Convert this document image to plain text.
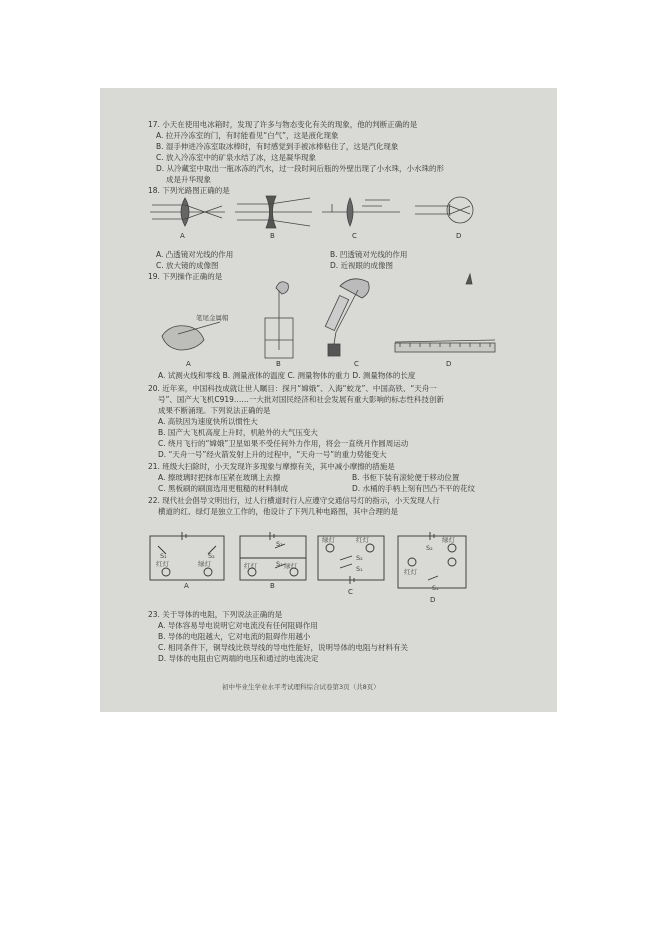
17. 小天在使用电冰箱时，发现了许多与物态变化有关的现象，他的判断正确的是
A. 拉开冷冻室的门，有时能看见“白气”，这是液化现象
B. 湿手伸进冷冻室取冰棒时，有时感觉到手被冰棒粘住了，这是汽化现象
C. 放入冷冻室中的矿泉水结了冰，这是凝华现象
D. 从冷藏室中取出一瓶冰冻的汽水，过一段时间后瓶的外壁出现了小水珠，小水珠的形
成是升华现象
18. 下列光路图正确的是
A	B	C	D
A. 凸透镜对光线的作用	B. 凹透镜对光线的作用
C. 放大镜的成像图	D. 近视眼的成像图
19. 下列操作正确的是
笔尾金属帽
A	B	C	D
A. 试测火线和零线 B. 测量液体的温度 C. 测量物体的重力 D. 测量物体的长度
20. 近年来，中国科技成就让世人瞩目：探月“嫦娥”、入海“蛟龙”、中国高铁、“天舟一
号”、国产大飞机C919……一大批对国民经济和社会发展有重大影响的标志性科技创新
成果不断涌现。下列说法正确的是
A. 高铁因为速度快所以惯性大
B. 国产大飞机高度上升时，机舱外的大气压变大
C. 绕月飞行的“嫦娥”卫星如果不受任何外力作用，将会一直绕月作圆周运动
D. “天舟一号”经火箭发射上升的过程中，“天舟一号”的重力势能变大
21. 班级大扫除时，小天发现许多现象与摩擦有关，其中减小摩擦的措施是
A. 擦玻璃时把抹布压紧在玻璃上去擦	B. 书柜下装有滚轮便于移动位置
C. 黑板刷的刷面选用更粗糙的材料制成	D. 水桶的手柄上刻有凹凸不平的花纹
22. 现代社会倡导文明出行，过人行横道时行人应遵守交通信号灯的指示，小天发现人行
横道的红、绿灯是独立工作的，他设计了下列几种电路图，其中合理的是
S₁	S₂
红灯	绿灯
S₂
S₁
红灯	绿灯
绿灯	红灯
S₂
S₁
S₂
红灯
绿灯
S₁
A	B
C
D
23. 关于导体的电阻，下列说法正确的是
A. 导体容易导电说明它对电流没有任何阻碍作用
B. 导体的电阻越大，它对电流的阻碍作用越小
C. 相同条件下，铜导线比铁导线的导电性能好，说明导体的电阻与材料有关
D. 导体的电阻由它两端的电压和通过的电流决定
初中毕业生学业水平考试理科综合试卷第3页（共8页）
